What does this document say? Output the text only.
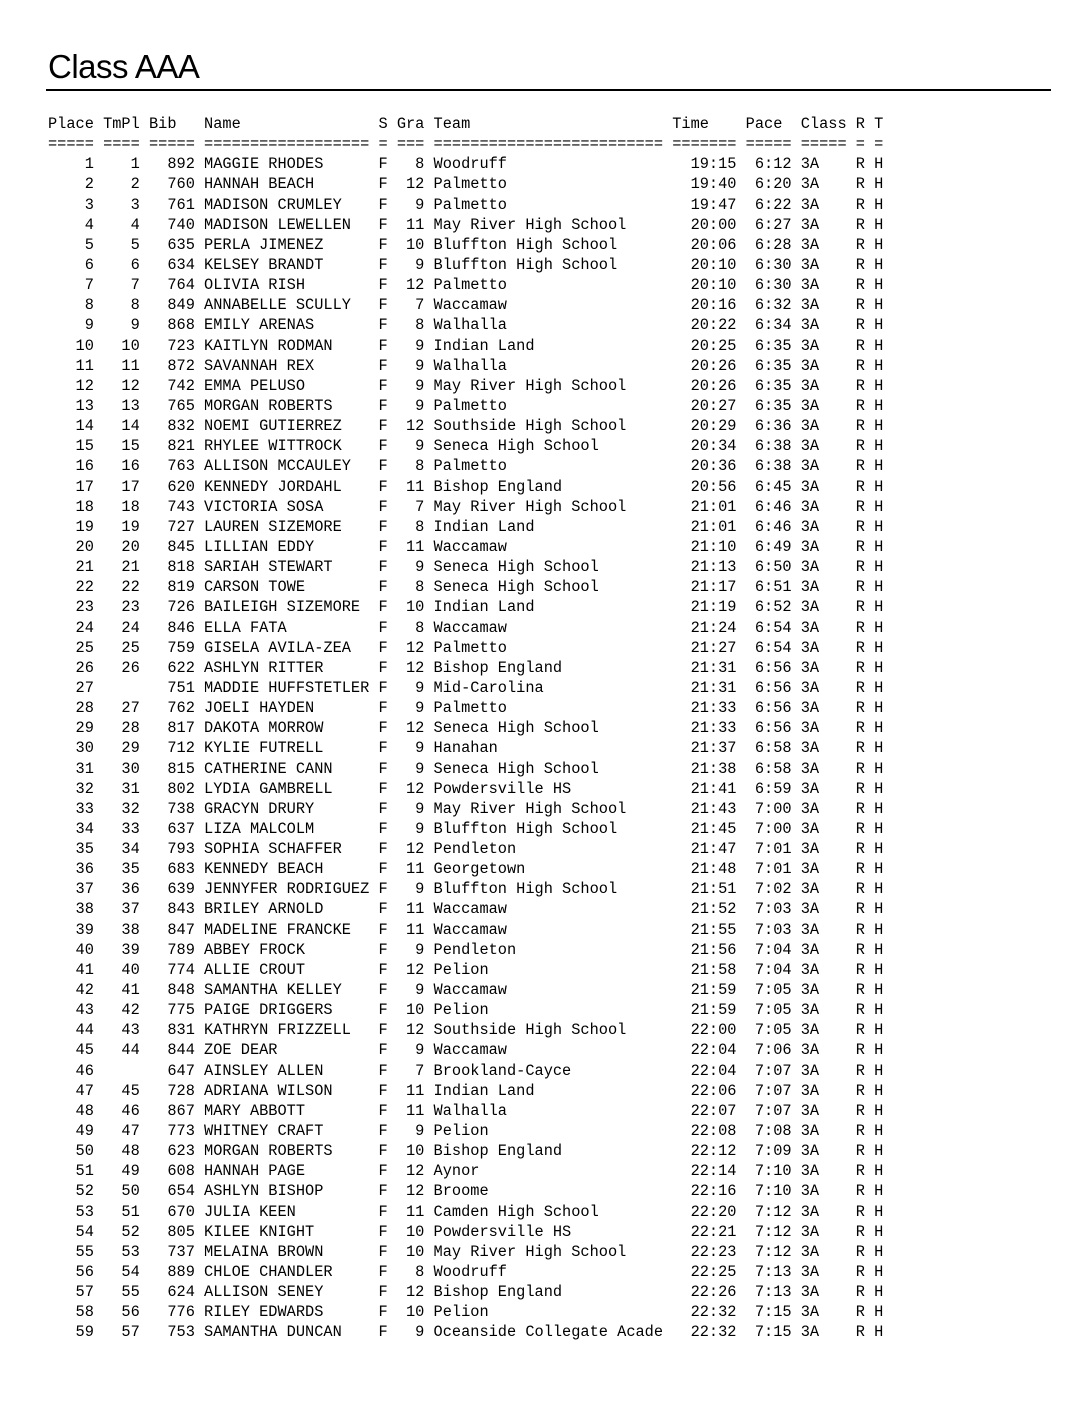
Class AAA
Place TmPl Bib   Name               S Gra Team                      Time    Pace  Class R T
===== ==== ===== ================== = === ========================= ======= ===== ===== = =
1    1   892 MAGGIE RHODES      F   8 Woodruff                    19:15  6:12 3A    R H
2    2   760 HANNAH BEACH       F  12 Palmetto                    19:40  6:20 3A    R H
3    3   761 MADISON CRUMLEY    F   9 Palmetto                    19:47  6:22 3A    R H
4    4   740 MADISON LEWELLEN   F  11 May River High School       20:00  6:27 3A    R H
5    5   635 PERLA JIMENEZ      F  10 Bluffton High School        20:06  6:28 3A    R H
6    6   634 KELSEY BRANDT      F   9 Bluffton High School        20:10  6:30 3A    R H
7    7   764 OLIVIA RISH        F  12 Palmetto                    20:10  6:30 3A    R H
8    8   849 ANNABELLE SCULLY   F   7 Waccamaw                    20:16  6:32 3A    R H
9    9   868 EMILY ARENAS       F   8 Walhalla                    20:22  6:34 3A    R H
10   10   723 KAITLYN RODMAN     F   9 Indian Land                 20:25  6:35 3A    R H
11   11   872 SAVANNAH REX       F   9 Walhalla                    20:26  6:35 3A    R H
12   12   742 EMMA PELUSO        F   9 May River High School       20:26  6:35 3A    R H
13   13   765 MORGAN ROBERTS     F   9 Palmetto                    20:27  6:35 3A    R H
14   14   832 NOEMI GUTIERREZ    F  12 Southside High School       20:29  6:36 3A    R H
15   15   821 RHYLEE WITTROCK    F   9 Seneca High School          20:34  6:38 3A    R H
16   16   763 ALLISON MCCAULEY   F   8 Palmetto                    20:36  6:38 3A    R H
17   17   620 KENNEDY JORDAHL    F  11 Bishop England              20:56  6:45 3A    R H
18   18   743 VICTORIA SOSA      F   7 May River High School       21:01  6:46 3A    R H
19   19   727 LAUREN SIZEMORE    F   8 Indian Land                 21:01  6:46 3A    R H
20   20   845 LILLIAN EDDY       F  11 Waccamaw                    21:10  6:49 3A    R H
21   21   818 SARIAH STEWART     F   9 Seneca High School          21:13  6:50 3A    R H
22   22   819 CARSON TOWE        F   8 Seneca High School          21:17  6:51 3A    R H
23   23   726 BAILEIGH SIZEMORE  F  10 Indian Land                 21:19  6:52 3A    R H
24   24   846 ELLA FATA          F   8 Waccamaw                    21:24  6:54 3A    R H
25   25   759 GISELA AVILA-ZEA   F  12 Palmetto                    21:27  6:54 3A    R H
26   26   622 ASHLYN RITTER      F  12 Bishop England              21:31  6:56 3A    R H
27        751 MADDIE HUFFSTETLER F   9 Mid-Carolina                21:31  6:56 3A    R H
28   27   762 JOELI HAYDEN       F   9 Palmetto                    21:33  6:56 3A    R H
29   28   817 DAKOTA MORROW      F  12 Seneca High School          21:33  6:56 3A    R H
30   29   712 KYLIE FUTRELL      F   9 Hanahan                     21:37  6:58 3A    R H
31   30   815 CATHERINE CANN     F   9 Seneca High School          21:38  6:58 3A    R H
32   31   802 LYDIA GAMBRELL     F  12 Powdersville HS             21:41  6:59 3A    R H
33   32   738 GRACYN DRURY       F   9 May River High School       21:43  7:00 3A    R H
34   33   637 LIZA MALCOLM       F   9 Bluffton High School        21:45  7:00 3A    R H
35   34   793 SOPHIA SCHAFFER    F  12 Pendleton                   21:47  7:01 3A    R H
36   35   683 KENNEDY BEACH      F  11 Georgetown                  21:48  7:01 3A    R H
37   36   639 JENNYFER RODRIGUEZ F   9 Bluffton High School        21:51  7:02 3A    R H
38   37   843 BRILEY ARNOLD      F  11 Waccamaw                    21:52  7:03 3A    R H
39   38   847 MADELINE FRANCKE   F  11 Waccamaw                    21:55  7:03 3A    R H
40   39   789 ABBEY FROCK        F   9 Pendleton                   21:56  7:04 3A    R H
41   40   774 ALLIE CROUT        F  12 Pelion                      21:58  7:04 3A    R H
42   41   848 SAMANTHA KELLEY    F   9 Waccamaw                    21:59  7:05 3A    R H
43   42   775 PAIGE DRIGGERS     F  10 Pelion                      21:59  7:05 3A    R H
44   43   831 KATHRYN FRIZZELL   F  12 Southside High School       22:00  7:05 3A    R H
45   44   844 ZOE DEAR           F   9 Waccamaw                    22:04  7:06 3A    R H
46        647 AINSLEY ALLEN      F   7 Brookland-Cayce             22:04  7:07 3A    R H
47   45   728 ADRIANA WILSON     F  11 Indian Land                 22:06  7:07 3A    R H
48   46   867 MARY ABBOTT        F  11 Walhalla                    22:07  7:07 3A    R H
49   47   773 WHITNEY CRAFT      F   9 Pelion                      22:08  7:08 3A    R H
50   48   623 MORGAN ROBERTS     F  10 Bishop England              22:12  7:09 3A    R H
51   49   608 HANNAH PAGE        F  12 Aynor                       22:14  7:10 3A    R H
52   50   654 ASHLYN BISHOP      F  12 Broome                      22:16  7:10 3A    R H
53   51   670 JULIA KEEN         F  11 Camden High School          22:20  7:12 3A    R H
54   52   805 KILEE KNIGHT       F  10 Powdersville HS             22:21  7:12 3A    R H
55   53   737 MELAINA BROWN      F  10 May River High School       22:23  7:12 3A    R H
56   54   889 CHLOE CHANDLER     F   8 Woodruff                    22:25  7:13 3A    R H
57   55   624 ALLISON SENEY      F  12 Bishop England              22:26  7:13 3A    R H
58   56   776 RILEY EDWARDS      F  10 Pelion                      22:32  7:15 3A    R H
59   57   753 SAMANTHA DUNCAN    F   9 Oceanside Collegate Acade   22:32  7:15 3A    R H
